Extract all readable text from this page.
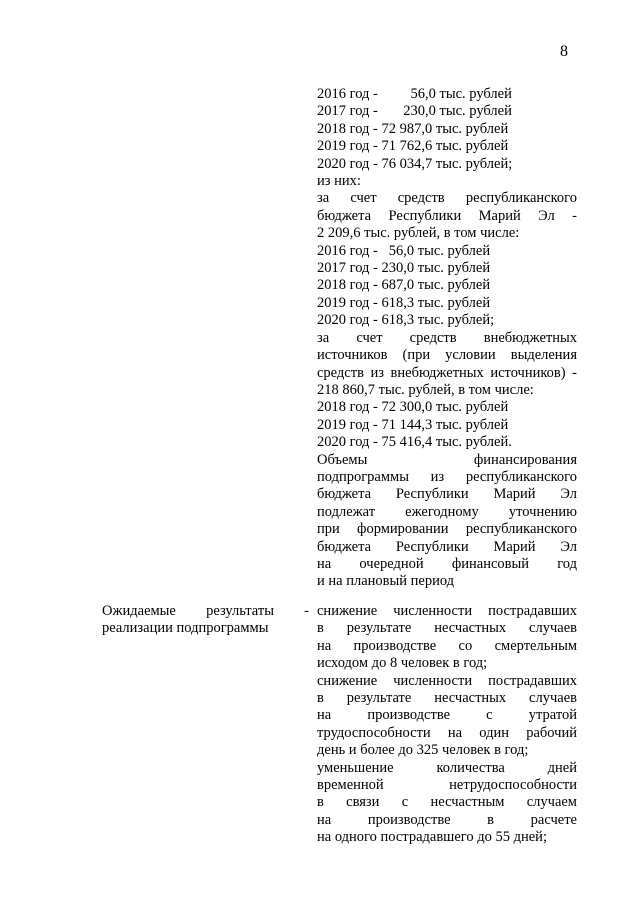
8
2016 год -         56,0 тыс. рублей
2017 год -       230,0 тыс. рублей
2018 год - 72 987,0 тыс. рублей
2019 год - 71 762,6 тыс. рублей
2020 год - 76 034,7 тыс. рублей;
из них:
за счет средств республиканского
бюджета Республики Марий Эл -
2 209,6 тыс. рублей, в том числе:
2016 год -   56,0 тыс. рублей
2017 год - 230,0 тыс. рублей
2018 год - 687,0 тыс. рублей
2019 год - 618,3 тыс. рублей
2020 год - 618,3 тыс. рублей;
за счет средств внебюджетных
источников (при условии выделения
средств из внебюджетных источников) -
218 860,7 тыс. рублей, в том числе:
2018 год - 72 300,0 тыс. рублей
2019 год - 71 144,3 тыс. рублей
2020 год - 75 416,4 тыс. рублей.
Объемы финансирования
подпрограммы из республиканского
бюджета Республики Марий Эл
подлежат ежегодному уточнению
при формировании республиканского
бюджета Республики Марий Эл
на очередной финансовый год
и на плановый период
Ожидаемые результаты -
реализации подпрограммы
снижение численности пострадавших
в результате несчастных случаев
на производстве со смертельным
исходом до 8 человек в год;
снижение численности пострадавших
в результате несчастных случаев
на производстве с утратой
трудоспособности на один рабочий
день и более до 325 человек в год;
уменьшение количества дней
временной нетрудоспособности
в связи с несчастным случаем
на производстве в расчете
на одного пострадавшего до 55 дней;
